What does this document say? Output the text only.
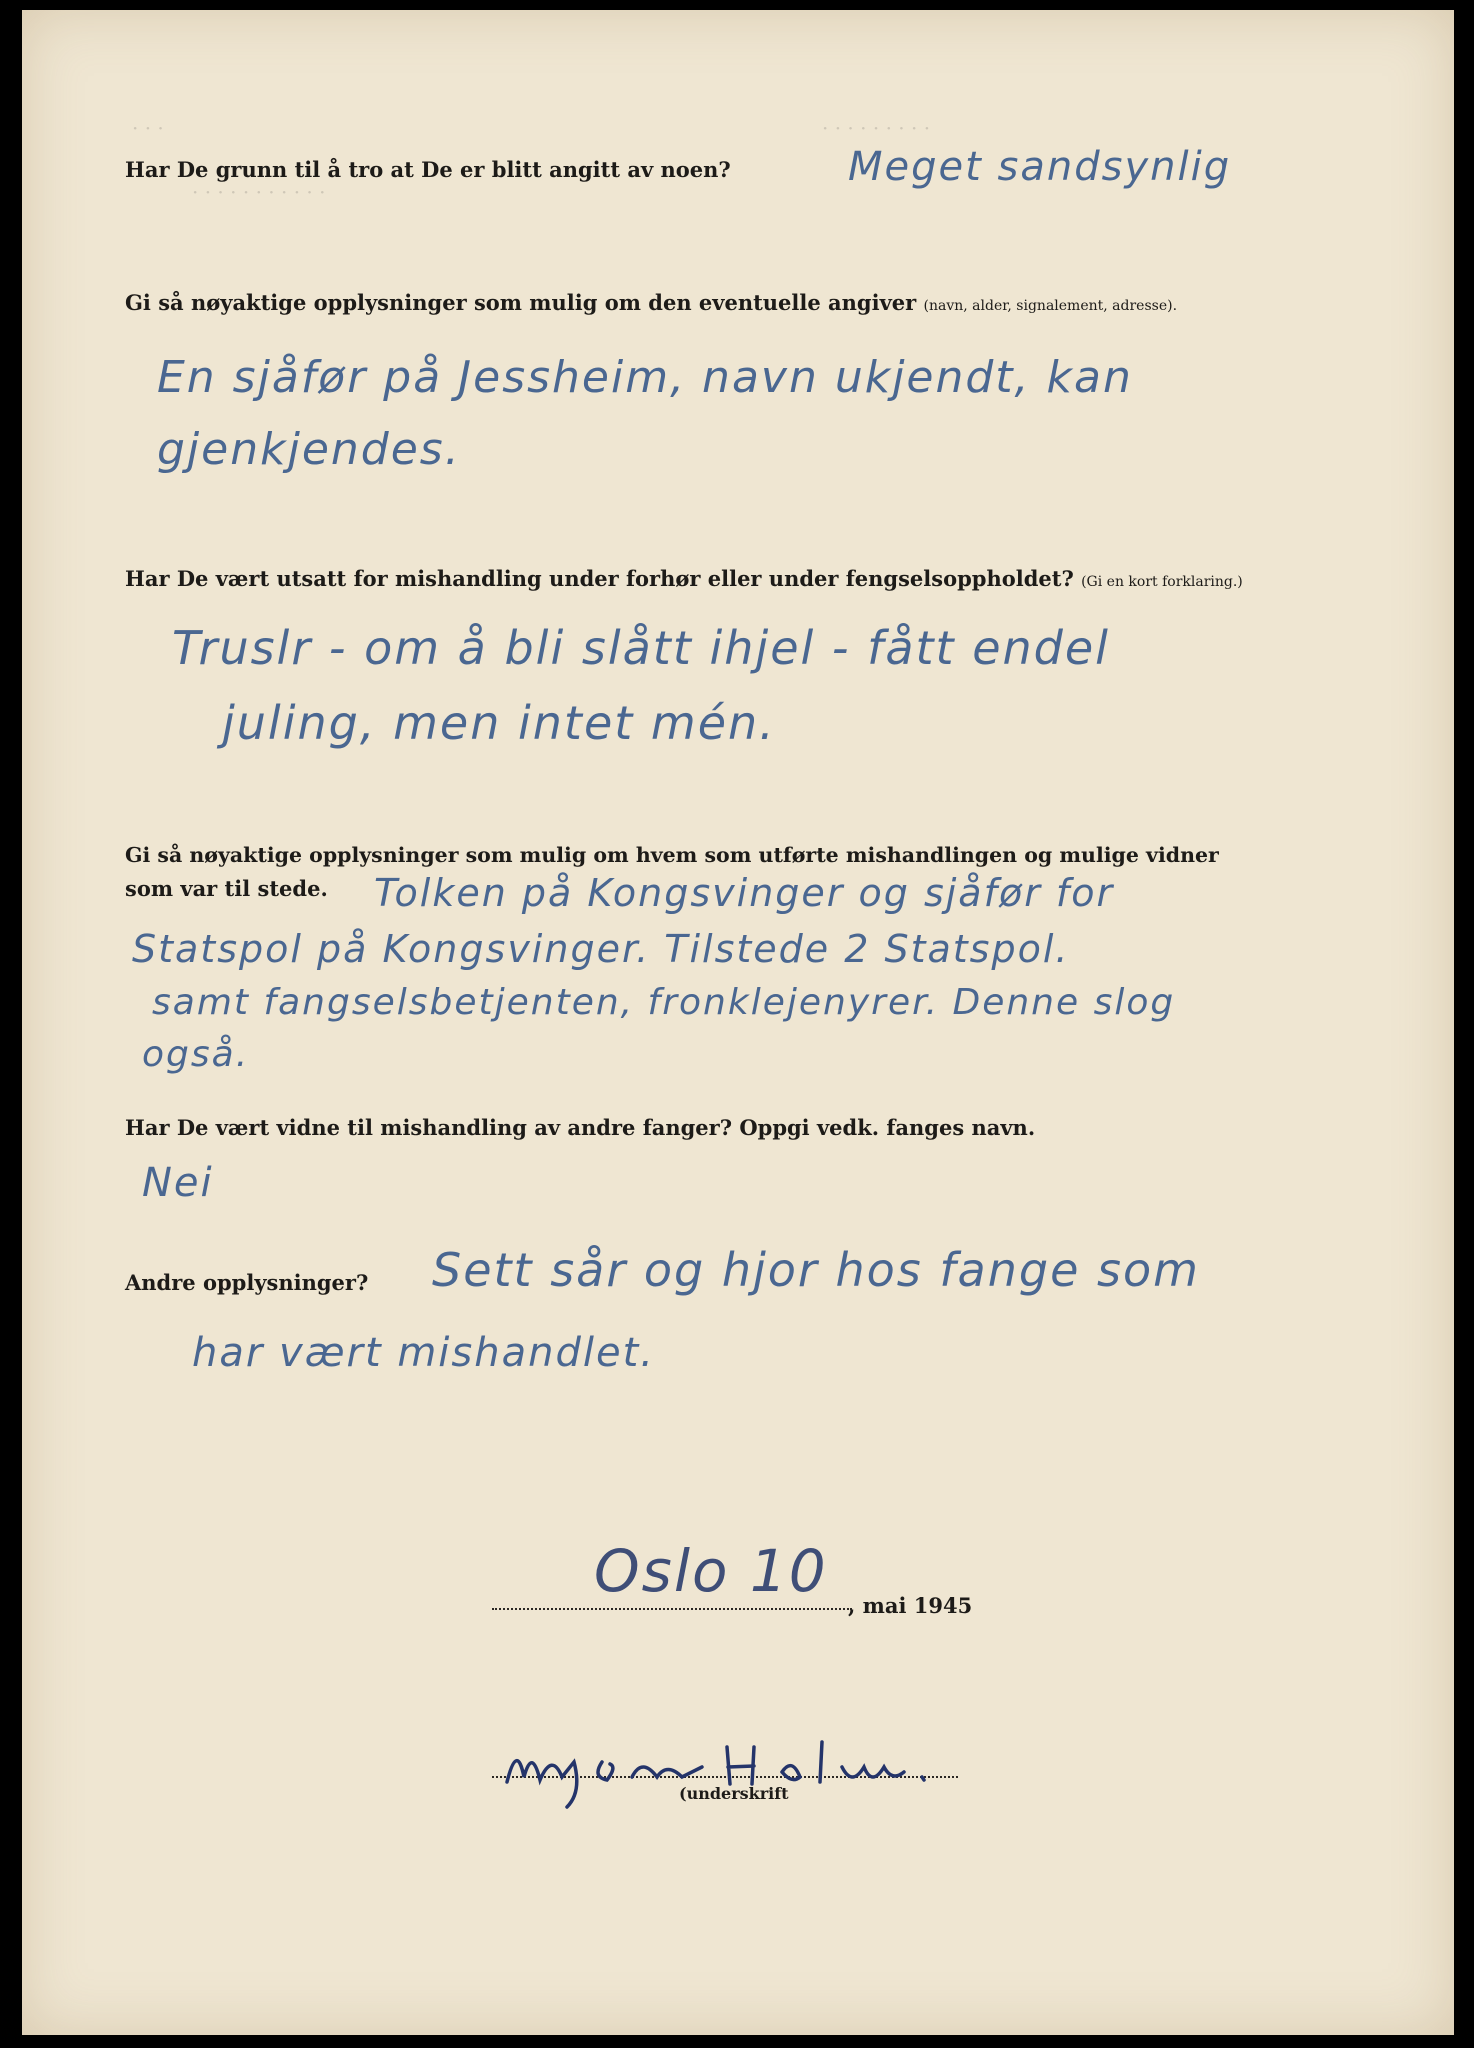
· · ·	· · · · · · · · ·
· · · · · · · · · · ·

Har De grunn til å tro at De er blitt angitt av noen?	Meget sandsynlig

Gi så nøyaktige opplysninger som mulig om den eventuelle angiver (navn, alder, signalement, adresse).

En sjåfør på Jessheim, navn ukjendt, kan

gjenkjendes.

Har De vært utsatt for mishandling under forhør eller under fengselsoppholdet? (Gi en kort forklaring.)

Truslr - om å bli slått ihjel - fått endel

juling, men intet mén.

Gi så nøyaktige opplysninger som mulig om hvem som utførte mishandlingen og mulige vidner

som var til stede. Tolken på Kongsvinger og sjåfør for

Statspol på Kongsvinger. Tilstede 2 Statspol.

samt fangselsbetjenten, fronklejenyrer. Denne slog

også.

Har De vært vidne til mishandling av andre fanger? Oppgi vedk. fanges navn.

Nei

Andre opplysninger? Sett sår og hjor hos fange som

har vært mishandlet.

Oslo 10

, mai 1945

(underskrift
